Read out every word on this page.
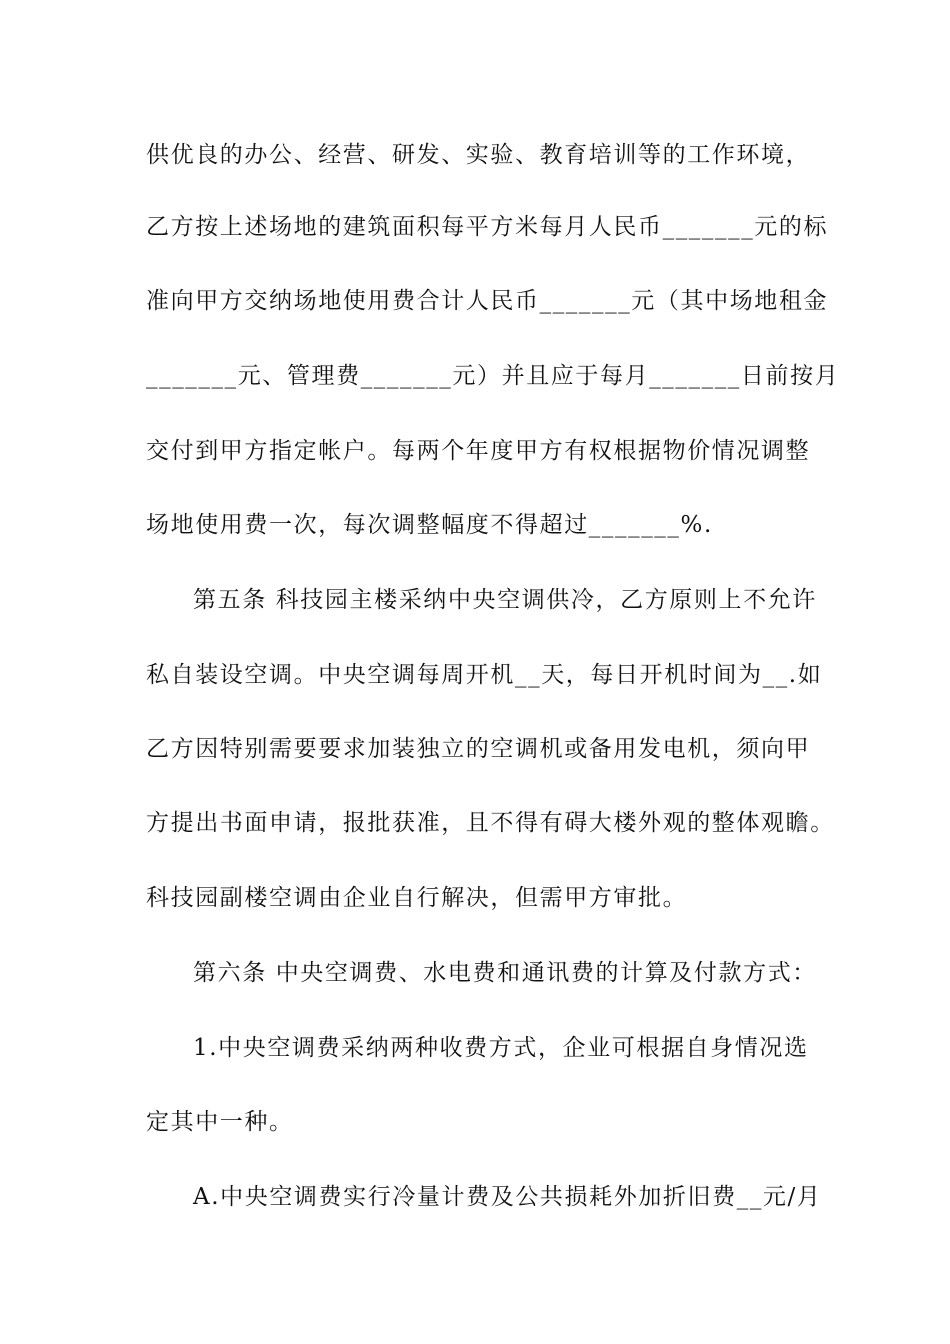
供优良的办公、经营、研发、实验、教育培训等的工作环境，
乙方按上述场地的建筑面积每平方米每月人民币_______元的标
准向甲方交纳场地使用费合计人民币_______元（其中场地租金
_______元、管理费_______元）并且应于每月_______日前按月
交付到甲方指定帐户。每两个年度甲方有权根据物价情况调整
场地使用费一次，每次调整幅度不得超过_______%.
第五条 科技园主楼采纳中央空调供冷，乙方原则上不允许
私自装设空调。中央空调每周开机__天，每日开机时间为__.如
乙方因特别需要要求加装独立的空调机或备用发电机，须向甲
方提出书面申请，报批获准，且不得有碍大楼外观的整体观瞻。
科技园副楼空调由企业自行解决，但需甲方审批。
第六条 中央空调费、水电费和通讯费的计算及付款方式：
1.中央空调费采纳两种收费方式，企业可根据自身情况选
定其中一种。
A.中央空调费实行冷量计费及公共损耗外加折旧费__元/月
